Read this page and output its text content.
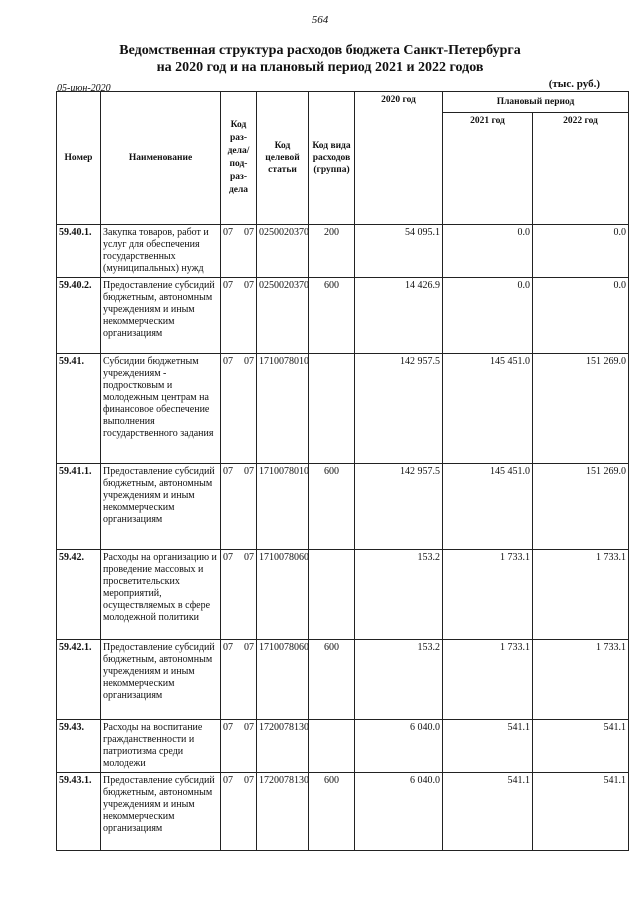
564
Ведомственная структура расходов бюджета Санкт-Петербурга
на 2020 год и на плановый период 2021 и 2022 годов
05-июн-2020	(тыс. руб.)
Номер	Наименование	Код раз-дела/ под-раз-дела	Код целевой статьи	Код вида расходов (группа)	2020 год	Плановый период	
						2021 год	2022 год
59.40.1.	Закупка товаров, работ и услуг для обеспечения государственных (муниципальных) нужд	07 07	0250020370	200	54 095.1	0.0	0.0
59.40.2.	Предоставление субсидий бюджетным, автономным учреждениям и иным некоммерческим организациям	07 07	0250020370	600	14 426.9	0.0	0.0
59.41.	Субсидии бюджетным учреждениям - подростковым и молодежным центрам на финансовое обеспечение выполнения государственного задания	07 07	1710078010		142 957.5	145 451.0	151 269.0
59.41.1.	Предоставление субсидий бюджетным, автономным учреждениям и иным некоммерческим организациям	07 07	1710078010	600	142 957.5	145 451.0	151 269.0
59.42.	Расходы на организацию и проведение массовых и просветительских мероприятий, осуществляемых в сфере молодежной политики	07 07	1710078060		153.2	1 733.1	1 733.1
59.42.1.	Предоставление субсидий бюджетным, автономным учреждениям и иным некоммерческим организациям	07 07	1710078060	600	153.2	1 733.1	1 733.1
59.43.	Расходы на воспитание гражданственности и патриотизма среди молодежи	07 07	1720078130		6 040.0	541.1	541.1
59.43.1.	Предоставление субсидий бюджетным, автономным учреждениям и иным некоммерческим организациям	07 07	1720078130	600	6 040.0	541.1	541.1
